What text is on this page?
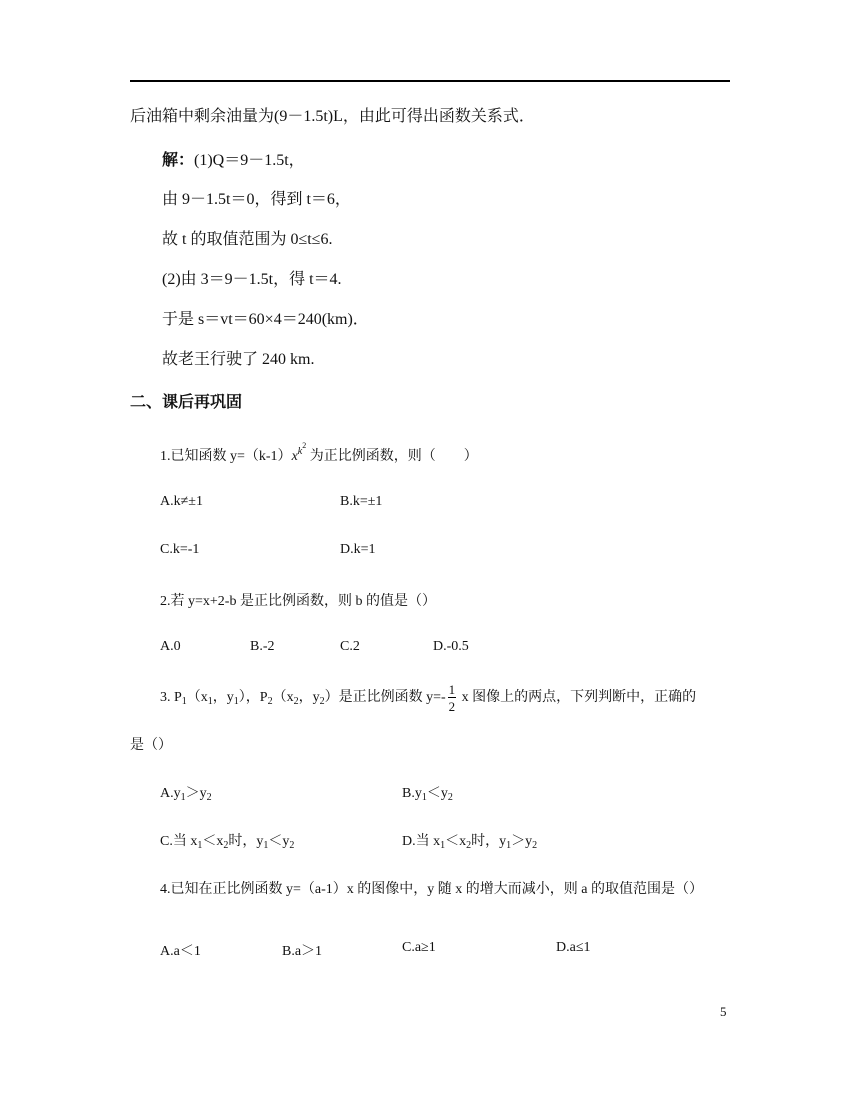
后油箱中剩余油量为(9－1.5t)L，由此可得出函数关系式．
解：(1)Q＝9－1.5t，
由 9－1.5t＝0，得到 t＝6，
故 t 的取值范围为 0≤t≤6.
(2)由 3＝9－1.5t，得 t＝4.
于是 s＝vt＝60×4＝240(km)．
故老王行驶了 240 km.
二、课后再巩固
1.已知函数 $y=(k-1)x^{k^2}$ 为正比例函数，则（　　）
A.k≠±1	B.k=±1
C.k=-1	D.k=1
2.若 y=x+2-b 是正比例函数，则 b 的值是（）
A.0	B.-2	C.2	D.-0.5
3. $P_1(x_1$，$y_1$），$P_2(x_2$，$y_2$）是正比例函数 $y=- \frac{1}{2}$ x 图像上的两点，下列判断中，正确的
是（）
$A.y_1>y_2$	$B.y_1<y_2$
C.当 $x_1<x_2$时，$y_1<y_2$	D.当 $x_1<x_2$时，$y_1>y_2$
4.已知在正比例函数 y=（a-1）x 的图像中，y 随 x 的增大而减小，则 a 的取值范围是（）
A.a＜1	B.a＞1	C.a≥1	D.a≤1
5
